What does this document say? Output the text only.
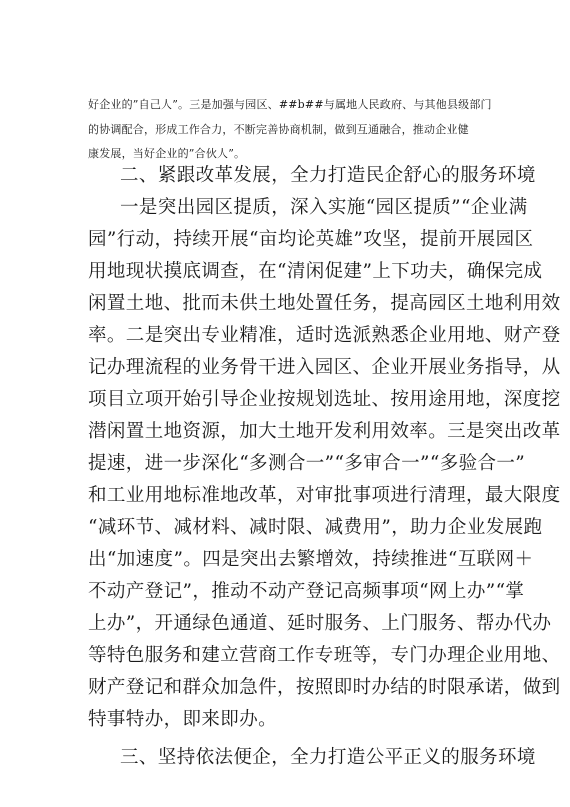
好企业的”自己人”。三是加强与园区、##b##与属地人民政府、与其他县级部门
的协调配合，形成工作合力，不断完善协商机制，做到互通融合，推动企业健
康发展，当好企业的”合伙人”。
二、紧跟改革发展，全力打造民企舒心的服务环境
一是突出园区提质，深入实施“园区提质”“企业满
园”行动，持续开展“亩均论英雄”攻坚，提前开展园区
用地现状摸底调查，在“清闲促建”上下功夫，确保完成
闲置土地、批而未供土地处置任务，提高园区土地利用效
率。二是突出专业精准，适时选派熟悉企业用地、财产登
记办理流程的业务骨干进入园区、企业开展业务指导，从
项目立项开始引导企业按规划选址、按用途用地，深度挖
潜闲置土地资源，加大土地开发利用效率。三是突出改革
提速，进一步深化“多测合一”“多审合一”“多验合一”
和工业用地标准地改革，对审批事项进行清理，最大限度
“减环节、减材料、减时限、减费用”，助力企业发展跑
出“加速度”。四是突出去繁增效，持续推进“互联网＋
不动产登记”，推动不动产登记高频事项“网上办”“掌
上办”，开通绿色通道、延时服务、上门服务、帮办代办
等特色服务和建立营商工作专班等，专门办理企业用地、
财产登记和群众加急件，按照即时办结的时限承诺，做到
特事特办，即来即办。
三、坚持依法便企，全力打造公平正义的服务环境
